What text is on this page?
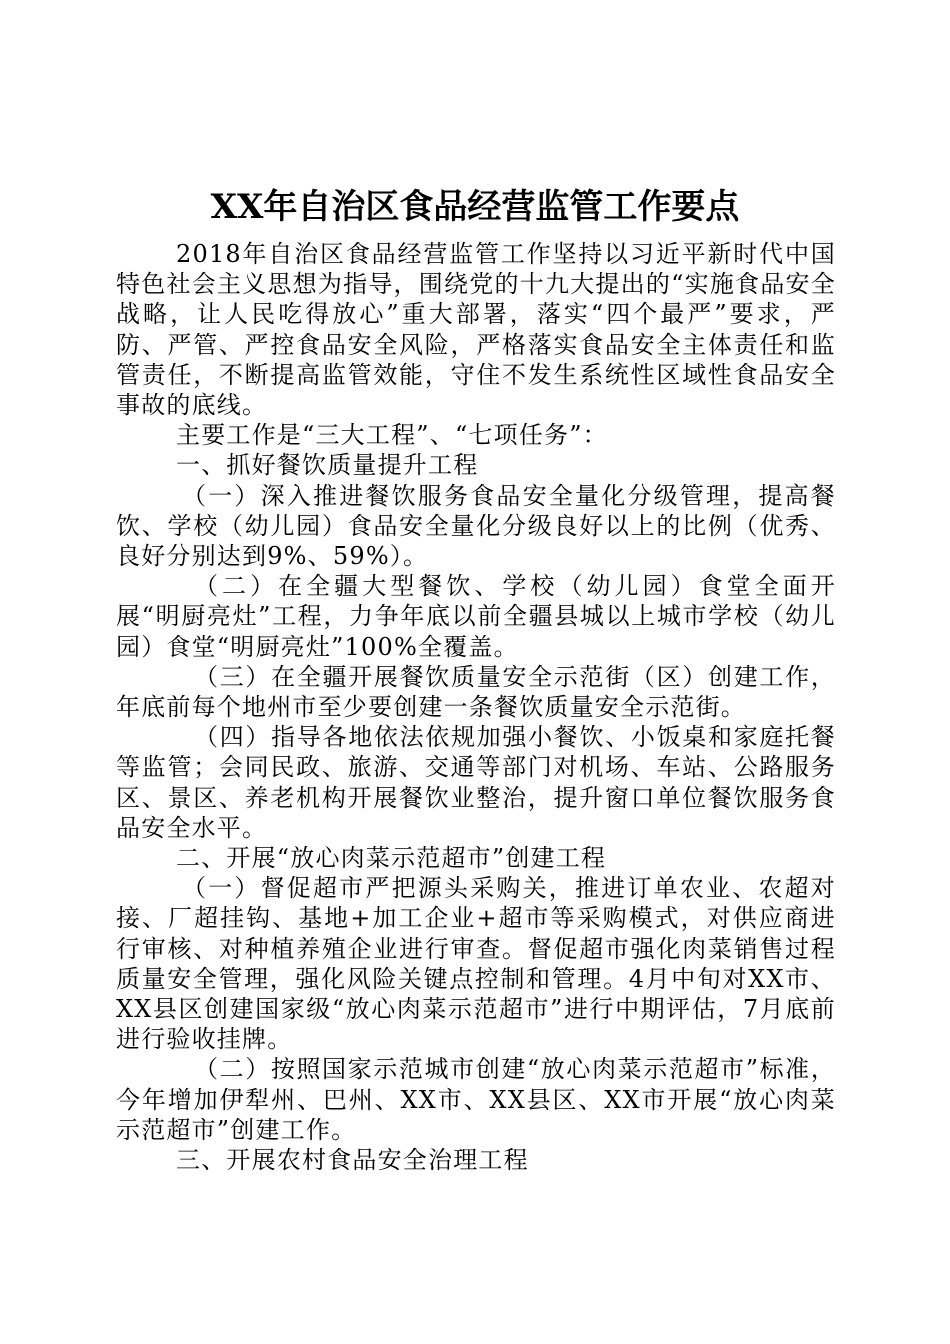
XX年自治区食品经营监管工作要点

2018年自治区食品经营监管工作坚持以习近平新时代中国特色社会主义思想为指导，围绕党的十九大提出的“实施食品安全战略，让人民吃得放心”重大部署，落实“四个最严”要求，严防、严管、严控食品安全风险，严格落实食品安全主体责任和监管责任，不断提高监管效能，守住不发生系统性区域性食品安全事故的底线。

主要工作是“三大工程”、“七项任务”：

一、抓好餐饮质量提升工程

（一）深入推进餐饮服务食品安全量化分级管理，提高餐饮、学校（幼儿园）食品安全量化分级良好以上的比例（优秀、良好分别达到9%、59%）。

（二）在全疆大型餐饮、学校（幼儿园）食堂全面开展“明厨亮灶”工程，力争年底以前全疆县城以上城市学校（幼儿园）食堂“明厨亮灶”100%全覆盖。

（三）在全疆开展餐饮质量安全示范街（区）创建工作，年底前每个地州市至少要创建一条餐饮质量安全示范街。

（四）指导各地依法依规加强小餐饮、小饭桌和家庭托餐等监管；会同民政、旅游、交通等部门对机场、车站、公路服务区、景区、养老机构开展餐饮业整治，提升窗口单位餐饮服务食品安全水平。

二、开展“放心肉菜示范超市”创建工程

（一）督促超市严把源头采购关，推进订单农业、农超对接、厂超挂钩、基地+加工企业+超市等采购模式，对供应商进行审核、对种植养殖企业进行审查。督促超市强化肉菜销售过程质量安全管理，强化风险关键点控制和管理。4月中旬对XX市、XX县区创建国家级“放心肉菜示范超市”进行中期评估，7月底前进行验收挂牌。

（二）按照国家示范城市创建“放心肉菜示范超市”标准，今年增加伊犁州、巴州、XX市、XX县区、XX市开展“放心肉菜示范超市”创建工作。

三、开展农村食品安全治理工程
